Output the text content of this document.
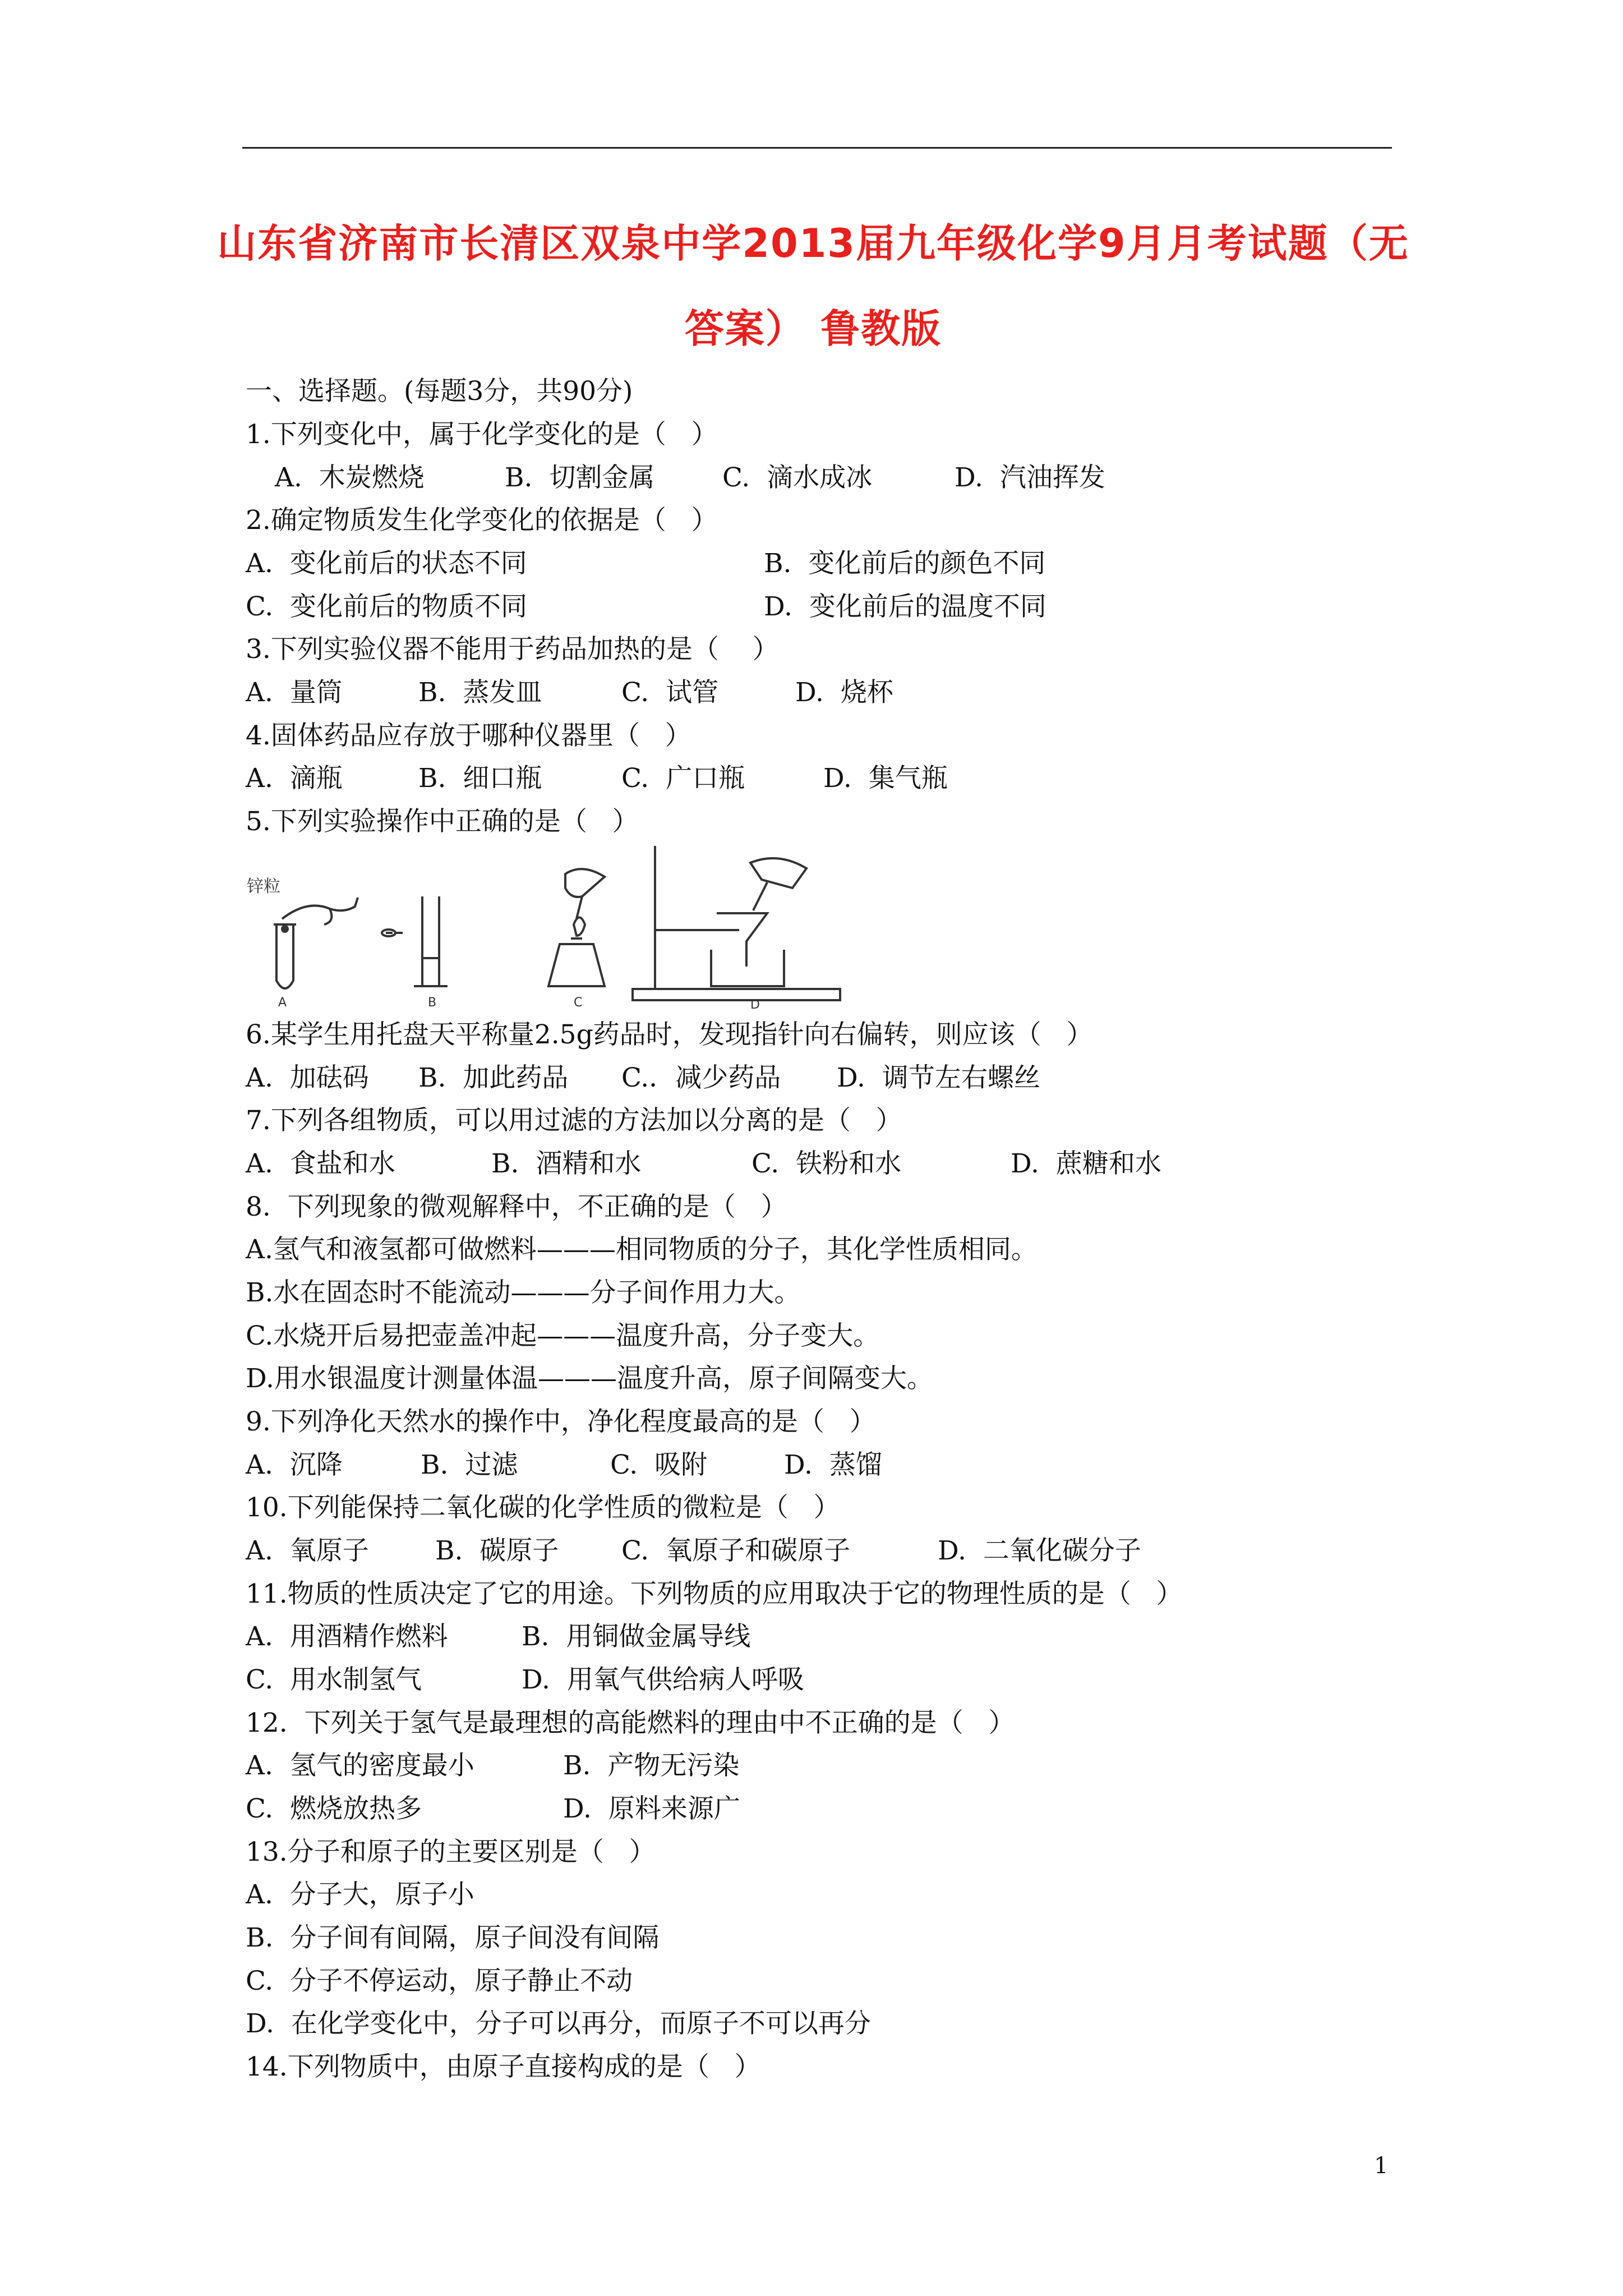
山东省济南市长清区双泉中学2013届九年级化学9月月考试题（无
答案） 鲁教版
一、选择题。(每题3分，共90分)
1.下列变化中，属于化学变化的是（   ）
A.  木炭燃烧	B.  切割金属	C.  滴水成冰	D.  汽油挥发
2.确定物质发生化学变化的依据是（   ）
A.  变化前后的状态不同	B.  变化前后的颜色不同
C.  变化前后的物质不同	D.  变化前后的温度不同
3.下列实验仪器不能用于药品加热的是（    ）
A.  量筒	B.  蒸发皿	C.  试管	D.  烧杯
4.固体药品应存放于哪种仪器里（   ）
A.  滴瓶	B.  细口瓶	C.  广口瓶	D.  集气瓶
5.下列实验操作中正确的是（   ）
锌粒
A	B	C	D
6.某学生用托盘天平称量2.5g药品时，发现指针向右偏转，则应该（   ）
A.  加砝码 B.  加此药品 C.．减少药品 D.  调节左右螺丝
7.下列各组物质，可以用过滤的方法加以分离的是（   ）
A.  食盐和水	B.  酒精和水	C.  铁粉和水	D.  蔗糖和水
8.  下列现象的微观解释中，不正确的是（   ）
A.氢气和液氢都可做燃料———相同物质的分子，其化学性质相同。
B.水在固态时不能流动———分子间作用力大。
C.水烧开后易把壶盖冲起———温度升高，分子变大。
D.用水银温度计测量体温———温度升高，原子间隔变大。
9.下列净化天然水的操作中，净化程度最高的是（   ）
A.  沉降	B.  过滤	C.  吸附	D.  蒸馏
10.下列能保持二氧化碳的化学性质的微粒是（   ）
A.  氧原子	B.  碳原子 C.  氧原子和碳原子	D.  二氧化碳分子
11.物质的性质决定了它的用途。下列物质的应用取决于它的物理性质的是（   ）
A.  用酒精作燃料	B.  用铜做金属导线
C.  用水制氢气	D.  用氧气供给病人呼吸
12.  下列关于氢气是最理想的高能燃料的理由中不正确的是（   ）
A.  氢气的密度最小	B.  产物无污染
C.  燃烧放热多	D.  原料来源广
13.分子和原子的主要区别是（   ）
A.  分子大，原子小
B.  分子间有间隔，原子间没有间隔
C.  分子不停运动，原子静止不动
D.  在化学变化中，分子可以再分，而原子不可以再分
14.下列物质中，由原子直接构成的是（   ）
1
